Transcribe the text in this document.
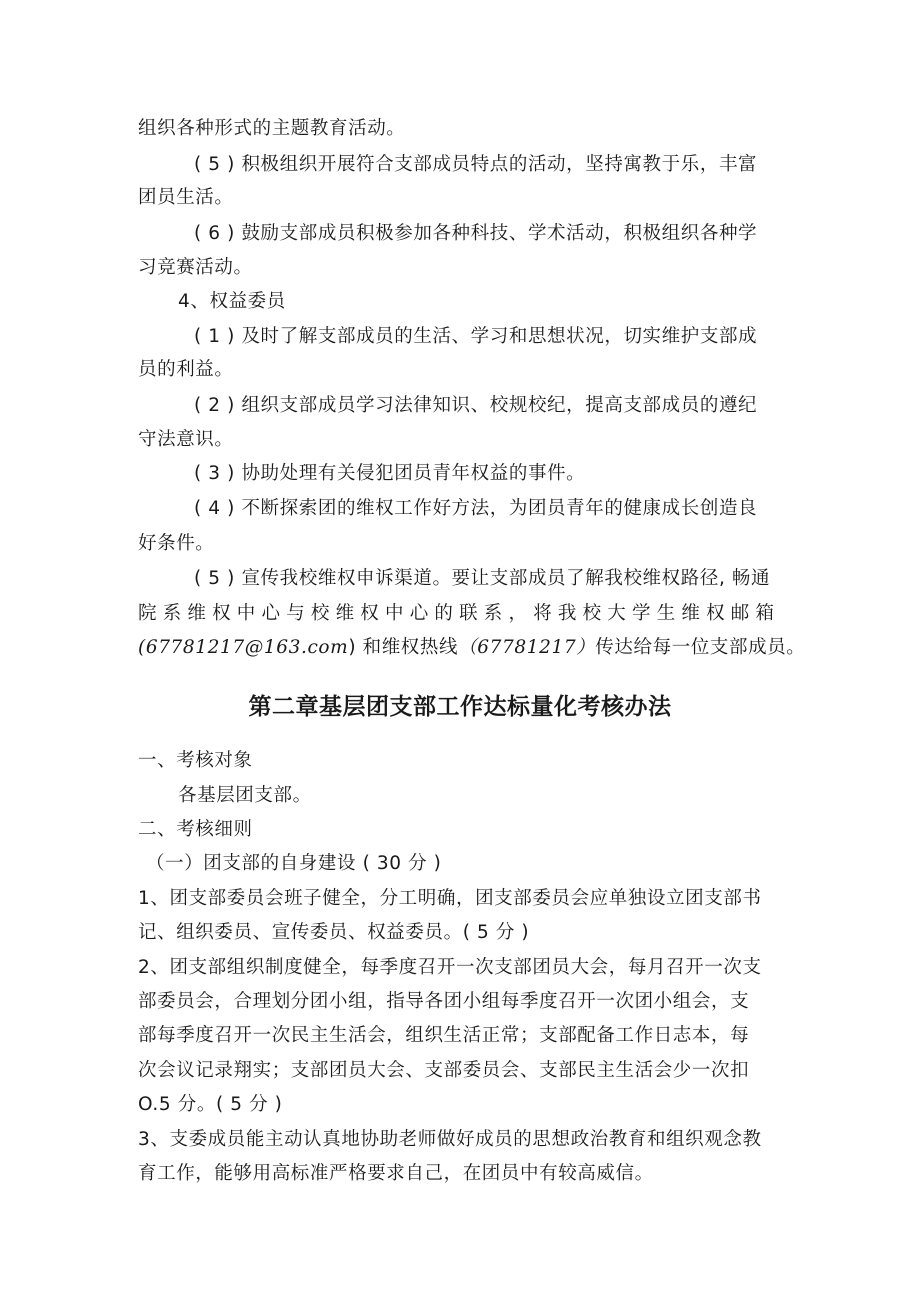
组织各种形式的主题教育活动。
( 5 ) 积极组织开展符合支部成员特点的活动，坚持寓教于乐，丰富
团员生活。
( 6 ) 鼓励支部成员积极参加各种科技、学术活动，积极组织各种学
习竞赛活动。
4、权益委员
( 1 ) 及时了解支部成员的生活、学习和思想状况，切实维护支部成
员的利益。
( 2 ) 组织支部成员学习法律知识、校规校纪，提高支部成员的遵纪
守法意识。
( 3 ) 协助处理有关侵犯团员青年权益的事件。
( 4 ) 不断探索团的维权工作好方法，为团员青年的健康成长创造良
好条件。
( 5 ) 宣传我校维权申诉渠道。要让支部成员了解我校维权路径, 畅通
院系维权中心与校维权中心的联系，将我校大学生维权邮箱
(67781217@163.com) 和维权热线（67781217）传达给每一位支部成员。
第二章基层团支部工作达标量化考核办法
一、考核对象
各基层团支部。
二、考核细则
（一）团支部的自身建设 ( 30 分 )
1、团支部委员会班子健全，分工明确，团支部委员会应单独设立团支部书
记、组织委员、宣传委员、权益委员。( 5 分 )
2、团支部组织制度健全，每季度召开一次支部团员大会，每月召开一次支
部委员会，合理划分团小组，指导各团小组每季度召开一次团小组会，支
部每季度召开一次民主生活会，组织生活正常；支部配备工作日志本，每
次会议记录翔实；支部团员大会、支部委员会、支部民主生活会少一次扣
O.5 分。( 5 分 )
3、支委成员能主动认真地协助老师做好成员的思想政治教育和组织观念教
育工作，能够用高标准严格要求自己，在团员中有较高威信。
